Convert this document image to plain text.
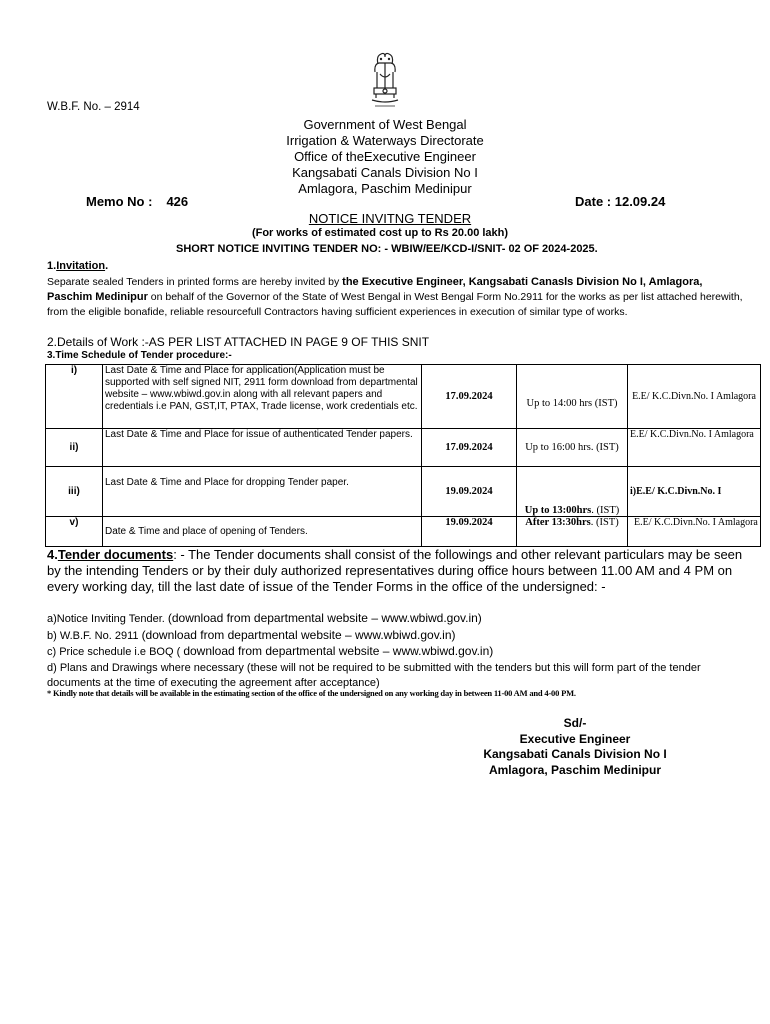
W.B.F. No. – 2914
Government of West Bengal
Irrigation & Waterways Directorate
Office of theExecutive Engineer
Kangsabati Canals Division No I
Amlagora, Paschim Medinipur
Memo No : 426	Date : 12.09.24
NOTICE INVITNG TENDER
(For works of estimated cost up to Rs 20.00 lakh)
SHORT NOTICE INVITING TENDER NO: - WBIW/EE/KCD-I/SNIT- 02 OF 2024-2025.
1.Invitation.
Separate sealed Tenders in printed forms are hereby invited by the Executive Engineer, Kangsabati Canasls Division No I, Amlagora, Paschim Medinipur on behalf of the Governor of the State of West Bengal in West Bengal Form No.2911 for the works as per list attached herewith, from the eligible bonafide, reliable resourcefull Contractors having sufficient experiences in execution of similar type of works.
2.Details of Work :-AS PER LIST ATTACHED IN PAGE 9 OF THIS SNIT
3.Time Schedule of Tender procedure:-
i)	Last Date & Time and Place for application(Application must be supported with self signed NIT, 2911 form download from departmental website – www.wbiwd.gov.in along with all relevant papers and credentials i.e PAN, GST,IT, PTAX, Trade license, work credentials etc.	17.09.2024	Up to 14:00 hrs (IST)	E.E/ K.C.Divn.No. I Amlagora
ii)	Last Date & Time and Place for issue of authenticated Tender papers.	17.09.2024	Up to 16:00 hrs. (IST)	E.E/ K.C.Divn.No. I Amlagora
iii)	Last Date & Time and Place for dropping Tender paper.	19.09.2024	Up to 13:00hrs. (IST)	i)E.E/ K.C.Divn.No. I
v)	Date & Time and place of opening of Tenders.	19.09.2024	After 13:30hrs. (IST)	E.E/ K.C.Divn.No. I Amlagora
4.Tender documents: - The Tender documents shall consist of the followings and other relevant particulars may be seen by the intending Tenders or by their duly authorized representatives during office hours between 11.00 AM and 4 PM on every working day, till the last date of issue of the Tender Forms in the office of the undersigned: -
a)Notice Inviting Tender. (download from departmental website – www.wbiwd.gov.in)
b) W.B.F. No. 2911 (download from departmental website – www.wbiwd.gov.in)
c) Price schedule i.e BOQ ( download from departmental website – www.wbiwd.gov.in)
d) Plans and Drawings where necessary (these will not be required to be submitted with the tenders but this will form part of the tender documents at the time of executing the agreement after acceptance)
* Kindly note that details will be available in the estimating section of the office of the undersigned on any working day in between 11-00 AM and 4-00 PM.
Sd/-
Executive Engineer
Kangsabati Canals Division No I
Amlagora, Paschim Medinipur
